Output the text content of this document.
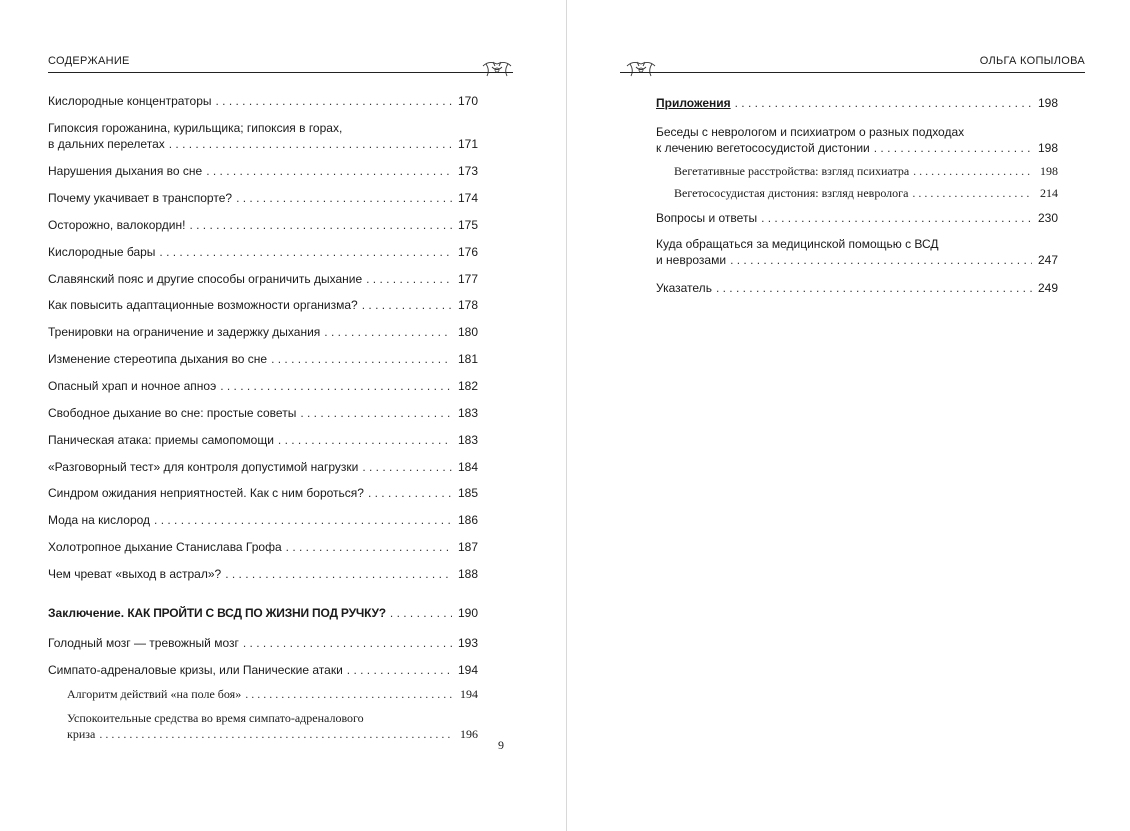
СОДЕРЖАНИЕ
Кислородные концентраторы . . .	170
Гипоксия горожанина, курильщика; гипоксия в горах,
в дальних перелетах . . .	171
Нарушения дыхания во сне . . .	173
Почему укачивает в транспорте? . . .	174
Осторожно, валокордин! . . .	175
Кислородные бары . . .	176
Славянский пояс и другие способы ограничить дыхание . . .	177
Как повысить адаптационные возможности организма? . . .	178
Тренировки на ограничение и задержку дыхания . . .	180
Изменение стереотипа дыхания во сне . . .	181
Опасный храп и ночное апноэ . . .	182
Свободное дыхание во сне: простые советы . . .	183
Паническая атака: приемы самопомощи . . .	183
«Разговорный тест» для контроля допустимой нагрузки . . .	184
Синдром ожидания неприятностей. Как с ним бороться? . . .	185
Мода на кислород . . .	186
Холотропное дыхание Станислава Грофа . . .	187
Чем чреват «выход в астрал»? . . .	188
Заключение.
КАК ПРОЙТИ С ВСД ПО ЖИЗНИ ПОД РУЧКУ? . . .	190
Голодный мозг — тревожный мозг . . .	193
Симпато-адреналовые кризы, или Панические атаки . . .	194
Алгоритм действий «на поле боя» . . .	194
Успокоительные средства во время симпато-адреналового
криза . . .	196
9
ОЛЬГА КОПЫЛОВА
Приложения . . .	198
Беседы с неврологом и психиатром о разных подходах
к лечению вегетососудистой дистонии . . .	198
Вегетативные расстройства: взгляд психиатра . . .	198
Вегетососудистая дистония: взгляд невролога . . .	214
Вопросы и ответы . . .	230
Куда обращаться за медицинской помощью с ВСД
и неврозами . . .	247
Указатель . . .	249
